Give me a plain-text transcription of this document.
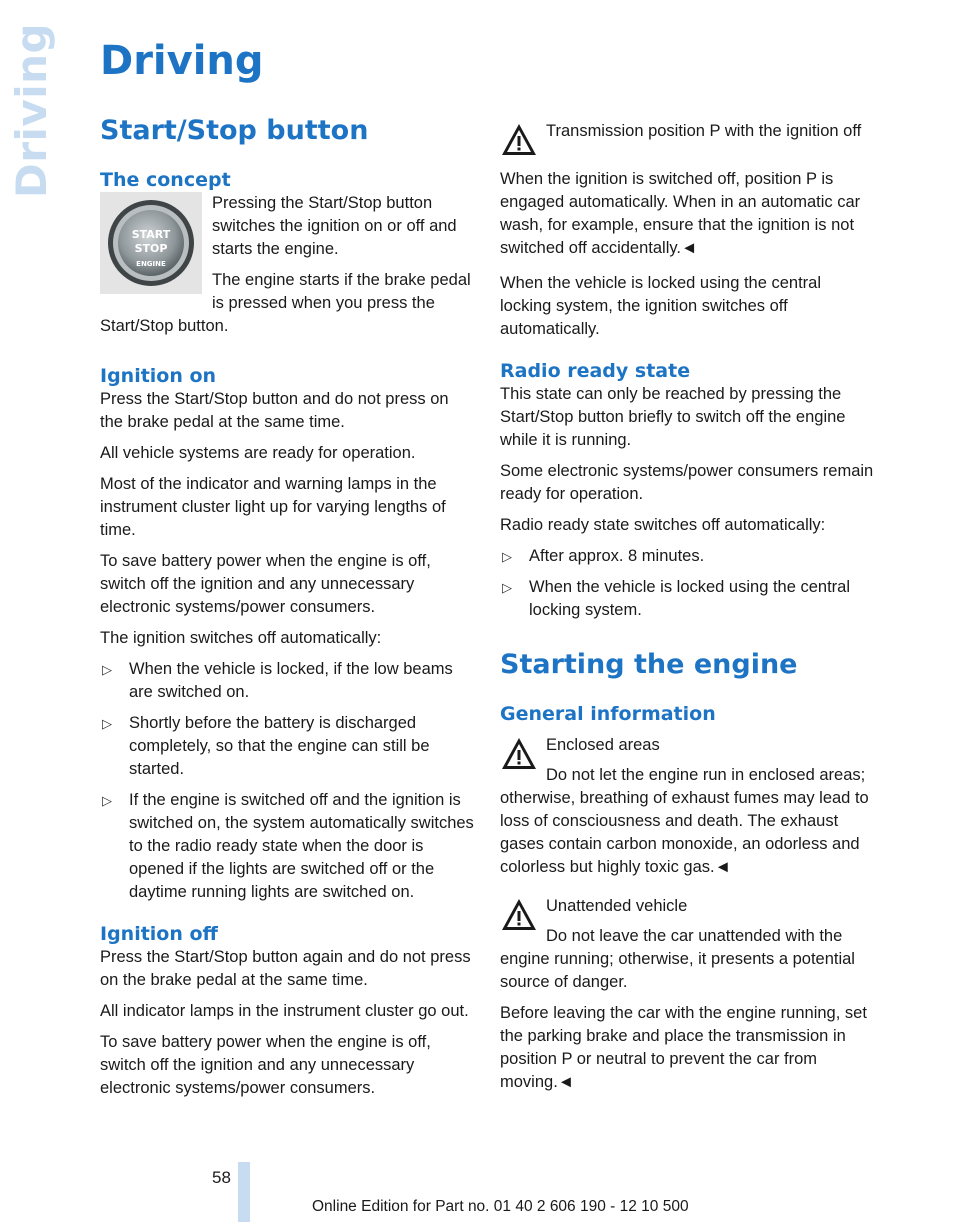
Driving Driving
Start/Stop button
The concept
START
STOP
ENGINE

Pressing the Start/Stop button switches the ignition on or off and starts the engine.

The engine starts if the brake pedal is pressed when you press the Start/Stop button.

Ignition on

Press the Start/Stop button and do not press on the brake pedal at the same time.

All vehicle systems are ready for operation.

Most of the indicator and warning lamps in the instrument cluster light up for varying lengths of time.

To save battery power when the engine is off, switch off the ignition and any unnecessary electronic systems/power consumers.

The ignition switches off automatically:

▷ When the vehicle is locked, if the low beams are switched on.
▷ Shortly before the battery is discharged completely, so that the engine can still be started.
▷ If the engine is switched off and the ignition is switched on, the system automatically switches to the radio ready state when the door is opened if the lights are switched off or the daytime running lights are switched on.
Ignition off

Press the Start/Stop button again and do not press on the brake pedal at the same time.

All indicator lamps in the instrument cluster go out.

To save battery power when the engine is off, switch off the ignition and any unnecessary electronic systems/power consumers.

Transmission position P with the ignition off

When the ignition is switched off, position P is engaged automatically. When in an automatic car wash, for example, ensure that the ignition is not switched off accidentally.◄

When the vehicle is locked using the central locking system, the ignition switches off automatically.

Radio ready state

This state can only be reached by pressing the Start/Stop button briefly to switch off the engine while it is running.

Some electronic systems/power consumers remain ready for operation.

Radio ready state switches off automatically:

▷ After approx. 8 minutes.
▷ When the vehicle is locked using the central locking system.
Starting the engine
General information

Enclosed areas

Do not let the engine run in enclosed areas; otherwise, breathing of exhaust fumes may lead to loss of consciousness and death. The exhaust gases contain carbon monoxide, an odorless and colorless but highly toxic gas.◄

Unattended vehicle

Do not leave the car unattended with the engine running; otherwise, it presents a potential source of danger.

Before leaving the car with the engine running, set the parking brake and place the transmission in position P or neutral to prevent the car from moving.◄

58
Online Edition for Part no. 01 40 2 606 190 - 12 10 500
